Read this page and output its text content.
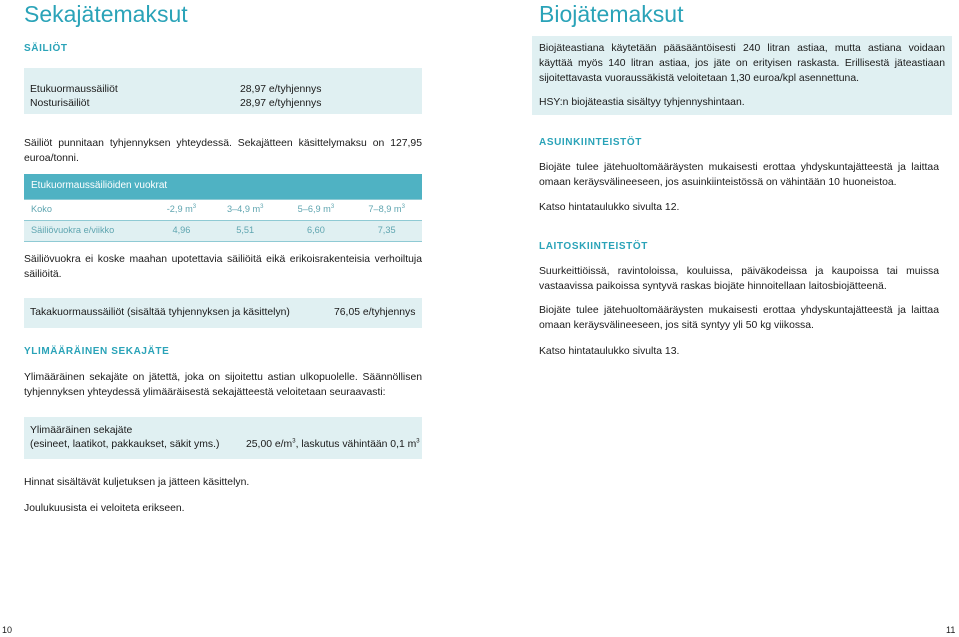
Sekajätemaksut
SÄILIÖT
Etukuormaussäiliöt	28,97 e/tyhjennys
Nosturisäiliöt	28,97 e/tyhjennys

Säiliöt punnitaan tyhjennyksen yhteydessä. Sekajätteen käsittelymaksu on 127,95 euroa/tonni.

Etukuormaussäiliöiden vuokrat				
Koko	-2,9 $m^3$	3–4,9 $m^3$	5–6,9 $m^3$	7–8,9 $m^3$
Säiliövuokra e/viikko	4,96	5,51	6,60	7,35

Säiliövuokra ei koske maahan upotettavia säiliöitä eikä erikoisrakenteisia verhoiltuja säiliöitä.

Takakuormaussäiliöt (sisältää tyhjennyksen ja käsittelyn)	76,05 e/tyhjennys
YLIMÄÄRÄINEN SEKAJÄTE

Ylimääräinen sekajäte on jätettä, joka on sijoitettu astian ulkopuolelle. Säännöllisen tyhjennyksen yhteydessä ylimääräisestä sekajätteestä veloitetaan seuraavasti:

Ylimääräinen sekajäte
(esineet, laatikot, pakkaukset, säkit yms.)	25,00 $e/m^3$, laskutus vähintään 0,1 $m^3$

Hinnat sisältävät kuljetuksen ja jätteen käsittelyn.

Joulukuusista ei veloiteta erikseen.

10
Biojätemaksut

Biojäteastiana käytetään pääsääntöisesti 240 litran astiaa, mutta astiana voidaan käyttää myös 140 litran astiaa, jos jäte on erityisen raskasta. Erillisestä jäteastiaan sijoitettavasta vuoraussäkistä veloitetaan 1,30 euroa/kpl asennettuna.

HSY:n biojäteastia sisältyy tyhjennyshintaan.

ASUINKIINTEISTÖT

Biojäte tulee jätehuoltomääräysten mukaisesti erottaa yhdyskuntajätteestä ja laittaa omaan keräysvälineeseen, jos asuinkiinteistössä on vähintään 10 huoneistoa.

Katso hintataulukko sivulta 12.

LAITOSKIINTEISTÖT

Suurkeittiöissä, ravintoloissa, kouluissa, päiväkodeissa ja kaupoissa tai muissa vastaavissa paikoissa syntyvä raskas biojäte hinnoitellaan laitosbiojätteenä.

Biojäte tulee jätehuoltomääräysten mukaisesti erottaa yhdyskuntajätteestä ja laittaa omaan keräysvälineeseen, jos sitä syntyy yli 50 kg viikossa.

Katso hintataulukko sivulta 13.

11
